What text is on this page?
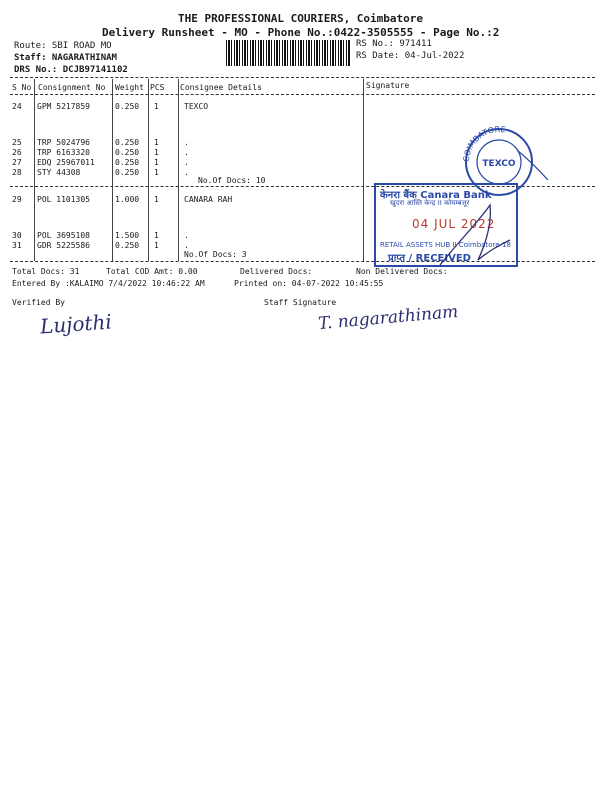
THE PROFESSIONAL COURIERS, Coimbatore
Delivery Runsheet - MO - Phone No.:0422-3505555 - Page No.:2
Route: SBI ROAD MO
Staff: NAGARATHINAM
DRS No.: DCJB97141102
RS No.: 971411
RS Date: 04-Jul-2022
S No Consignment No Weight PCS Consignee Details	Signature
24 GPM 5217859	0.250 1	TEXCO
25 TRP 5024796	0.250 1	.
26 TRP 6163320	0.250 1	.
27 EDQ 25967011	0.250 1	.
28 STY 44308	0.250 1	.
No.Of Docs: 10
29 POL 1101305	1.000 1	CANARA RAH
30 POL 3695108	1.500 1	.
31 GDR 5225586	0.250 1	.
No.Of Docs: 3
COIMBATORE
TEXCO
केनरा बैंक Canara Bank
खुदरा आस्ति केन्द्र II कोयम्बत्तूर
04 JUL 2022
RETAIL ASSETS HUB II Coimbatore-18
प्राप्त / RECEIVED
Total Docs: 31	Total COD Amt: 0.00	Delivered Docs:	Non Delivered Docs:
Entered By :KALAIMO 7/4/2022 10:46:22 AM	Printed on: 04-07-2022 10:45:55
Verified By	Staff Signature
Lujothi	T. nagarathinam
